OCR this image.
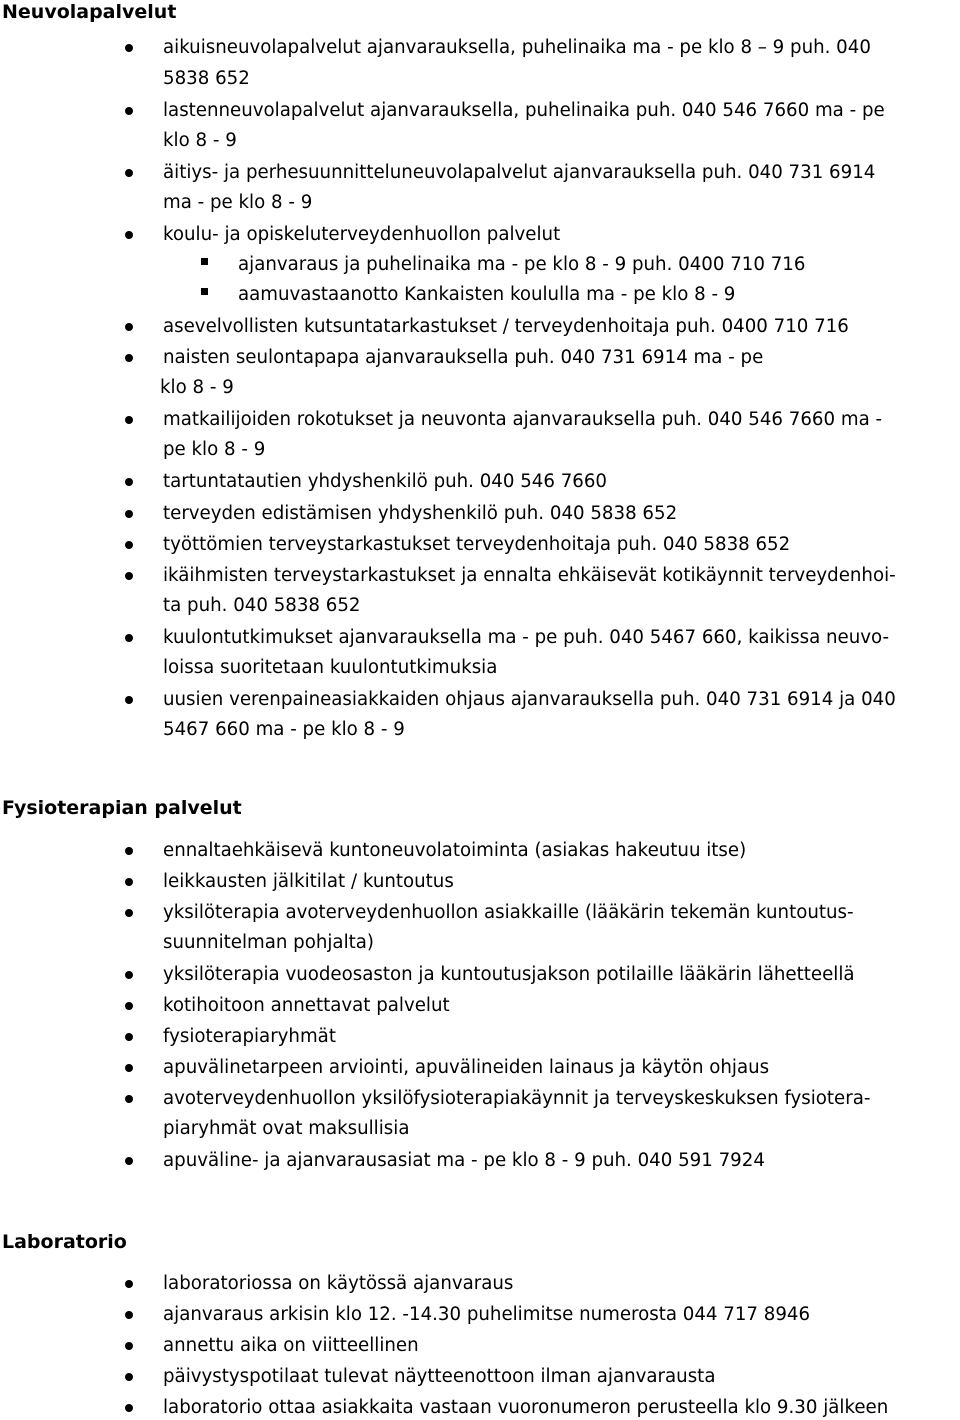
Neuvolapalvelut
aikuisneuvolapalvelut ajanvarauksella, puhelinaika ma - pe klo 8 – 9 puh. 040
5838 652
lastenneuvolapalvelut ajanvarauksella, puhelinaika puh. 040 546 7660 ma - pe
klo 8 - 9
äitiys- ja perhesuunnitteluneuvolapalvelut ajanvarauksella puh. 040 731 6914
ma - pe klo 8 - 9
koulu- ja opiskeluterveydenhuollon palvelut
ajanvaraus ja puhelinaika ma - pe klo 8 - 9 puh. 0400 710 716
aamuvastaanotto Kankaisten koululla ma - pe klo 8 - 9
asevelvollisten kutsuntatarkastukset / terveydenhoitaja puh. 0400 710 716
naisten seulontapapa ajanvarauksella puh. 040 731 6914 ma - pe
klo 8 - 9
matkailijoiden rokotukset ja neuvonta ajanvarauksella puh. 040 546 7660 ma -
pe klo 8 - 9
tartuntatautien yhdyshenkilö puh. 040 546 7660
terveyden edistämisen yhdyshenkilö puh. 040 5838 652
työttömien terveystarkastukset terveydenhoitaja puh. 040 5838 652
ikäihmisten terveystarkastukset ja ennalta ehkäisevät kotikäynnit terveydenhoi-
ta puh. 040 5838 652
kuulontutkimukset ajanvarauksella ma - pe puh. 040 5467 660, kaikissa neuvo-
loissa suoritetaan kuulontutkimuksia
uusien verenpaineasiakkaiden ohjaus ajanvarauksella puh. 040 731 6914 ja 040
5467 660 ma - pe klo 8 - 9
Fysioterapian palvelut
ennaltaehkäisevä kuntoneuvolatoiminta (asiakas hakeutuu itse)
leikkausten jälkitilat / kuntoutus
yksilöterapia avoterveydenhuollon asiakkaille (lääkärin tekemän kuntoutus-
suunnitelman pohjalta)
yksilöterapia vuodeosaston ja kuntoutusjakson potilaille lääkärin lähetteellä
kotihoitoon annettavat palvelut
fysioterapiaryhmät
apuvälinetarpeen arviointi, apuvälineiden lainaus ja käytön ohjaus
avoterveydenhuollon yksilöfysioterapiakäynnit ja terveyskeskuksen fysiotera-
piaryhmät ovat maksullisia
apuväline- ja ajanvarausasiat ma - pe klo 8 - 9 puh. 040 591 7924
Laboratorio
laboratoriossa on käytössä ajanvaraus
ajanvaraus arkisin klo 12. -14.30 puhelimitse numerosta 044 717 8946
annettu aika on viitteellinen
päivystyspotilaat tulevat näytteenottoon ilman ajanvarausta
laboratorio ottaa asiakkaita vastaan vuoronumeron perusteella klo 9.30 jälkeen
